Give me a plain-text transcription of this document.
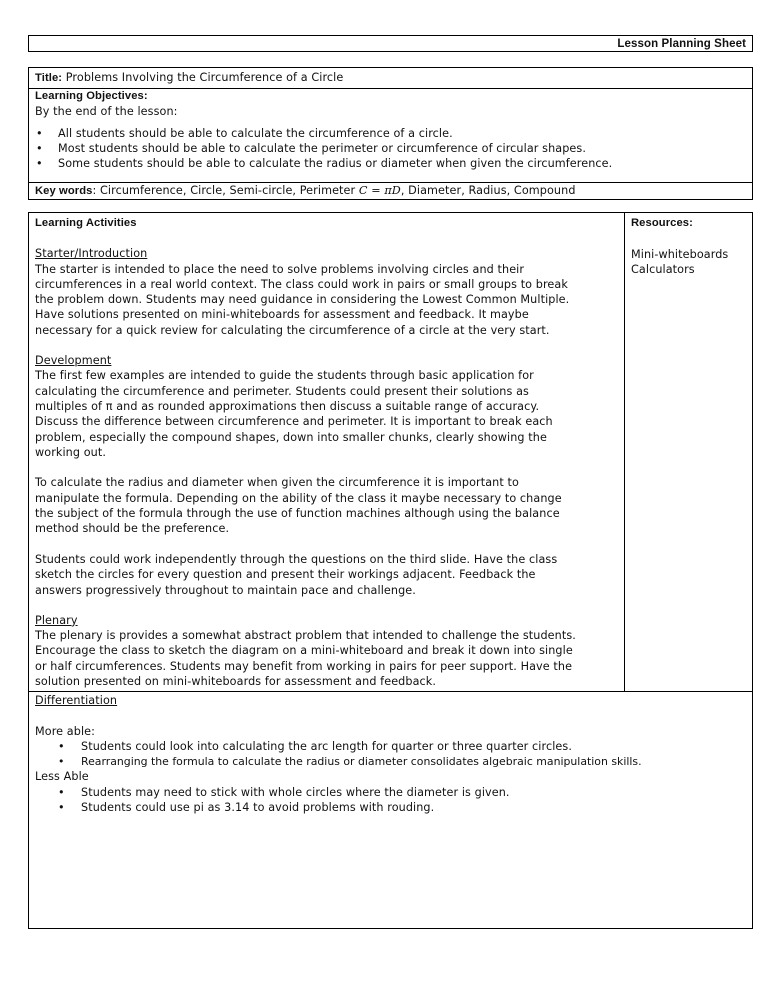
Lesson Planning Sheet
Title: Problems Involving the Circumference of a Circle
Learning Objectives:
By the end of the lesson:
• All students should be able to calculate the circumference of a circle.
• Most students should be able to calculate the perimeter or circumference of circular shapes.
• Some students should be able to calculate the radius or diameter when given the circumference.
Key words: Circumference, Circle, Semi-circle, Perimeter C = πD, Diameter, Radius, Compound
Learning Activities
Starter/Introduction
The starter is intended to place the need to solve problems involving circles and their
circumferences in a real world context. The class could work in pairs or small groups to break
the problem down. Students may need guidance in considering the Lowest Common Multiple.
Have solutions presented on mini-whiteboards for assessment and feedback. It maybe
necessary for a quick review for calculating the circumference of a circle at the very start.
Development
The first few examples are intended to guide the students through basic application for
calculating the circumference and perimeter. Students could present their solutions as
multiples of π and as rounded approximations then discuss a suitable range of accuracy.
Discuss the difference between circumference and perimeter. It is important to break each
problem, especially the compound shapes, down into smaller chunks, clearly showing the
working out.
To calculate the radius and diameter when given the circumference it is important to
manipulate the formula. Depending on the ability of the class it maybe necessary to change
the subject of the formula through the use of function machines although using the balance
method should be the preference.
Students could work independently through the questions on the third slide. Have the class
sketch the circles for every question and present their workings adjacent. Feedback the
answers progressively throughout to maintain pace and challenge.
Plenary
The plenary is provides a somewhat abstract problem that intended to challenge the students.
Encourage the class to sketch the diagram on a mini-whiteboard and break it down into single
or half circumferences. Students may benefit from working in pairs for peer support. Have the
solution presented on mini-whiteboards for assessment and feedback.
Resources:
Mini-whiteboards
Calculators
Differentiation
More able:
• Students could look into calculating the arc length for quarter or three quarter circles.
• Rearranging the formula to calculate the radius or diameter consolidates algebraic manipulation skills.
Less Able
• Students may need to stick with whole circles where the diameter is given.
• Students could use pi as 3.14 to avoid problems with rouding.
